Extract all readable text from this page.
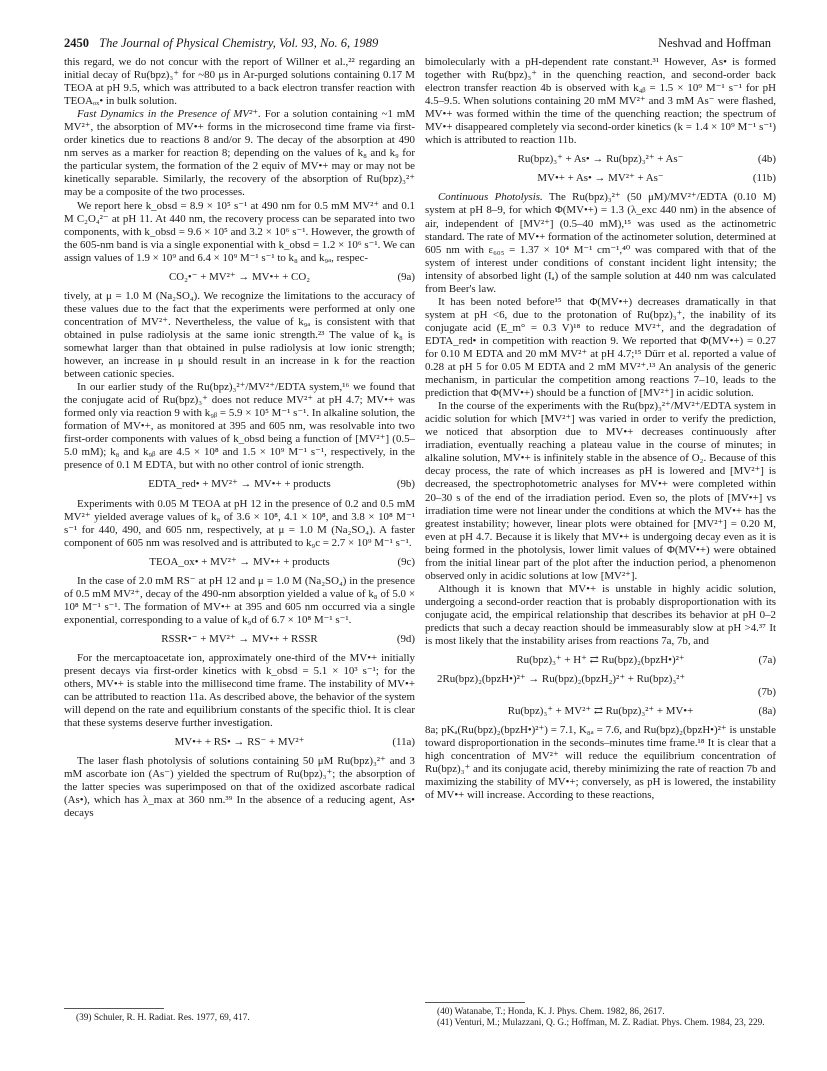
2450 The Journal of Physical Chemistry, Vol. 93, No. 6, 1989	Neshvad and Hoffman

this regard, we do not concur with the report of Willner et al.,²² regarding an initial decay of Ru(bpz)₃⁺ for ~80 μs in Ar-purged solutions containing 0.17 M TEOA at pH 9.5, which was attributed to a back electron transfer reaction with TEOAₒₓ• in bulk solution.

Fast Dynamics in the Presence of MV²⁺. For a solution containing ~1 mM MV²⁺, the absorption of MV•+ forms in the microsecond time frame via first-order kinetics due to reactions 8 and/or 9. The decay of the absorption at 490 nm serves as a marker for reaction 8; depending on the values of k₈ and k₉ for the particular system, the formation of the 2 equiv of MV•+ may or may not be kinetically separable. Similarly, the recovery of the absorption of Ru(bpz)₃²⁺ may be a composite of the two processes.

We report here k_obsd = 8.9 × 10⁵ s⁻¹ at 490 nm for 0.5 mM MV²⁺ and 0.1 M C₂O₄²⁻ at pH 11. At 440 nm, the recovery process can be separated into two components, with k_obsd = 9.6 × 10⁵ and 3.2 × 10⁶ s⁻¹. However, the growth of the 605-nm band is via a single exponential with k_obsd = 1.2 × 10⁶ s⁻¹. We can assign values of 1.9 × 10⁹ and 6.4 × 10⁹ M⁻¹ s⁻¹ to k₈ and k₉ₐ, respec-

CO₂•⁻ + MV²⁺ → MV•+ + CO₂	(9a)

tively, at μ = 1.0 M (Na₂SO₄). We recognize the limitations to the accuracy of these values due to the fact that the experiments were performed at only one concentration of MV²⁺. Nevertheless, the value of k₉ₐ is consistent with that obtained in pulse radiolysis at the same ionic strength.²³ The value of k₈ is somewhat larger than that obtained in pulse radiolysis at low ionic strength; however, an increase in μ should result in an increase in k for the reaction between cationic species.

In our earlier study of the Ru(bpz)₃²⁺/MV²⁺/EDTA system,¹⁶ we found that the conjugate acid of Ru(bpz)₃⁺ does not reduce MV²⁺ at pH 4.7; MV•+ was formed only via reaction 9 with k₉ᵦ = 5.9 × 10⁵ M⁻¹ s⁻¹. In alkaline solution, the formation of MV•+, as monitored at 395 and 605 nm, was resolvable into two first-order components with values of k_obsd being a function of [MV²⁺] (0.5–5.0 mM); k₈ and k₉ᵦ are 4.5 × 10⁸ and 1.5 × 10⁹ M⁻¹ s⁻¹, respectively, in the presence of 0.1 M EDTA, but with no other control of ionic strength.

EDTA_red• + MV²⁺ → MV•+ + products	(9b)

Experiments with 0.05 M TEOA at pH 12 in the presence of 0.2 and 0.5 mM MV²⁺ yielded average values of k₈ of 3.6 × 10⁸, 4.1 × 10⁸, and 3.8 × 10⁸ M⁻¹ s⁻¹ for 440, 490, and 605 nm, respectively, at μ = 1.0 M (Na₂SO₄). A faster component of 605 nm was resolved and is attributed to k₉c = 2.7 × 10⁹ M⁻¹ s⁻¹.

TEOA_ox• + MV²⁺ → MV•+ + products	(9c)

In the case of 2.0 mM RS⁻ at pH 12 and μ = 1.0 M (Na₂SO₄) in the presence of 0.5 mM MV²⁺, decay of the 490-nm absorption yielded a value of k₈ of 5.0 × 10⁸ M⁻¹ s⁻¹. The formation of MV•+ at 395 and 605 nm occurred via a single exponential, corresponding to a value of k₉d of 6.7 × 10⁸ M⁻¹ s⁻¹.

RSSR•⁻ + MV²⁺ → MV•+ + RSSR	(9d)

For the mercaptoacetate ion, approximately one-third of the MV•+ initially present decays via first-order kinetics with k_obsd = 5.1 × 10³ s⁻¹; for the others, MV•+ is stable into the millisecond time frame. The instability of MV•+ can be attributed to reaction 11a. As described above, the behavior of the system will depend on the rate and equilibrium constants of the specific thiol. It is clear that these systems deserve further investigation.

MV•+ + RS• → RS⁻ + MV²⁺	(11a)

The laser flash photolysis of solutions containing 50 μM Ru(bpz)₃²⁺ and 3 mM ascorbate ion (As⁻) yielded the spectrum of Ru(bpz)₃⁺; the absorption of the latter species was superimposed on that of the oxidized ascorbate radical (As•), which has λ_max at 360 nm.³⁹ In the absence of a reducing agent, As• decays

bimolecularly with a pH-dependent rate constant.³¹ However, As• is formed together with Ru(bpz)₃⁺ in the quenching reaction, and second-order back electron transfer reaction 4b is observed with k₄ᵦ = 1.5 × 10⁹ M⁻¹ s⁻¹ for pH 4.5–9.5. When solutions containing 20 mM MV²⁺ and 3 mM As⁻ were flashed, MV•+ was formed within the time of the quenching reaction; the spectrum of MV•+ disappeared completely via second-order kinetics (k = 1.4 × 10⁹ M⁻¹ s⁻¹) which is attributed to reaction 11b.

Ru(bpz)₃⁺ + As• → Ru(bpz)₃²⁺ + As⁻	(4b)
MV•+ + As• → MV²⁺ + As⁻	(11b)

Continuous Photolysis. The Ru(bpz)₃²⁺ (50 μM)/MV²⁺/EDTA (0.10 M) system at pH 8–9, for which Φ(MV•+) = 1.3 (λ_exc 440 nm) in the absence of air, independent of [MV²⁺] (0.5–40 mM),¹⁵ was used as the actinometric standard. The rate of MV•+ formation of the actinometer solution, determined at 605 nm with ε₆₀₅ = 1.37 × 10⁴ M⁻¹ cm⁻¹,⁴⁰ was compared with that of the system of interest under conditions of constant incident light intensity; the intensity of absorbed light (Iₐ) of the sample solution at 440 nm was calculated from Beer's law.

It has been noted before¹⁵ that Φ(MV•+) decreases dramatically in that system at pH <6, due to the protonation of Ru(bpz)₃⁺, the inability of its conjugate acid (E_m° = 0.3 V)¹⁸ to reduce MV²⁺, and the degradation of EDTA_red• in competition with reaction 9. We reported that Φ(MV•+) = 0.27 for 0.10 M EDTA and 20 mM MV²⁺ at pH 4.7;¹⁵ Dürr et al. reported a value of 0.28 at pH 5 for 0.05 M EDTA and 2 mM MV²⁺.¹³ An analysis of the generic mechanism, in particular the competition among reactions 7–10, leads to the prediction that Φ(MV•+) should be a function of [MV²⁺] in acidic solution.

In the course of the experiments with the Ru(bpz)₃²⁺/MV²⁺/EDTA system in acidic solution for which [MV²⁺] was varied in order to verify the prediction, we noticed that absorption due to MV•+ decreases continuously after irradiation, eventually reaching a plateau value in the course of minutes; in alkaline solution, MV•+ is infinitely stable in the absence of O₂. Because of this decay process, the rate of which increases as pH is lowered and [MV²⁺] is decreased, the spectrophotometric analyses for MV•+ were completed within 20–30 s of the end of the irradiation period. Even so, the plots of [MV•+] vs irradiation time were not linear under the conditions at which the MV•+ has the greatest instability; however, linear plots were obtained for [MV²⁺] = 0.20 M, even at pH 4.7. Because it is likely that MV•+ is undergoing decay even as it is being formed in the photolysis, lower limit values of Φ(MV•+) were obtained from the initial linear part of the plot after the induction period, a phenomenon observed only in acidic solutions at low [MV²⁺].

Although it is known that MV•+ is unstable in highly acidic solution, undergoing a second-order reaction that is probably disproportionation with its conjugate acid, the empirical relationship that describes its behavior at pH 0–2 predicts that such a decay reaction should be immeasurably slow at pH >4.³⁷ It is most likely that the instability arises from reactions 7a, 7b, and

Ru(bpz)₃⁺ + H⁺ ⇄ Ru(bpz)₂(bpzH•)²⁺	(7a)
2Ru(bpz)₂(bpzH•)²⁺ → Ru(bpz)₂(bpzH₂)²⁺ + Ru(bpz)₃²⁺
(7b)
Ru(bpz)₃⁺ + MV²⁺ ⇄ Ru(bpz)₃²⁺ + MV•+	(8a)

8a; pKₐ(Ru(bpz)₂(bpzH•)²⁺) = 7.1, K₈ₐ = 7.6, and Ru(bpz)₂(bpzH•)²⁺ is unstable toward disproportionation in the seconds–minutes time frame.¹⁸ It is clear that a high concentration of MV²⁺ will reduce the equilibrium concentration of Ru(bpz)₃⁺ and its conjugate acid, thereby minimizing the rate of reaction 7b and maximizing the stability of MV•+; conversely, as pH is lowered, the instability of MV•+ will increase. According to these reactions,

(39) Schuler, R. H. Radiat. Res. 1977, 69, 417.

(40) Watanabe, T.; Honda, K. J. Phys. Chem. 1982, 86, 2617.

(41) Venturi, M.; Mulazzani, Q. G.; Hoffman, M. Z. Radiat. Phys. Chem. 1984, 23, 229.
